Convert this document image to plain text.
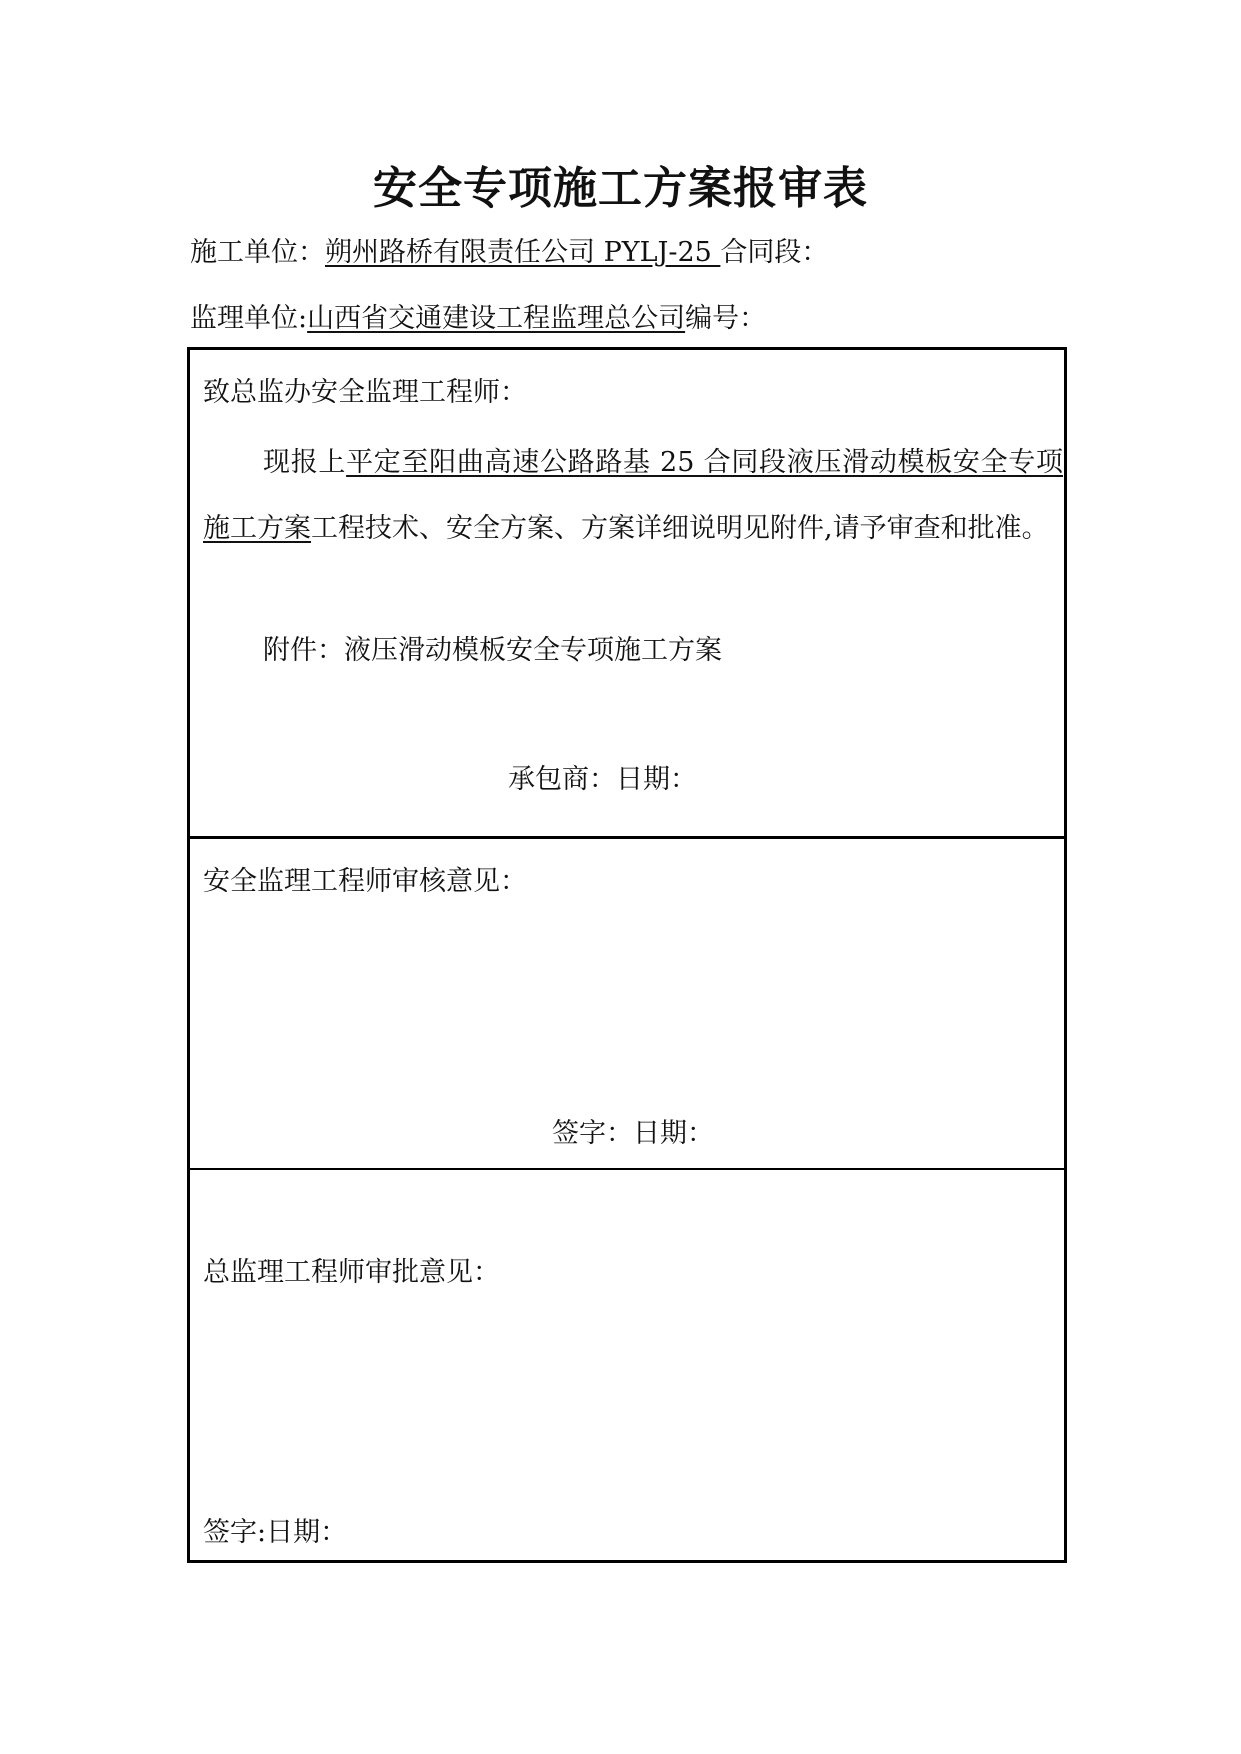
安全专项施工方案报审表
施工单位：朔州路桥有限责任公司 PYLJ-25 合同段：
监理单位:山西省交通建设工程监理总公司编号：
致总监办安全监理工程师：
现报上平定至阳曲高速公路路基 25 合同段液压滑动模板安全专项施工方案工程技术、安全方案、方案详细说明见附件,请予审查和批准。
附件：液压滑动模板安全专项施工方案
承包商：日期：
安全监理工程师审核意见：
签字：日期：
总监理工程师审批意见：
签字:日期：
